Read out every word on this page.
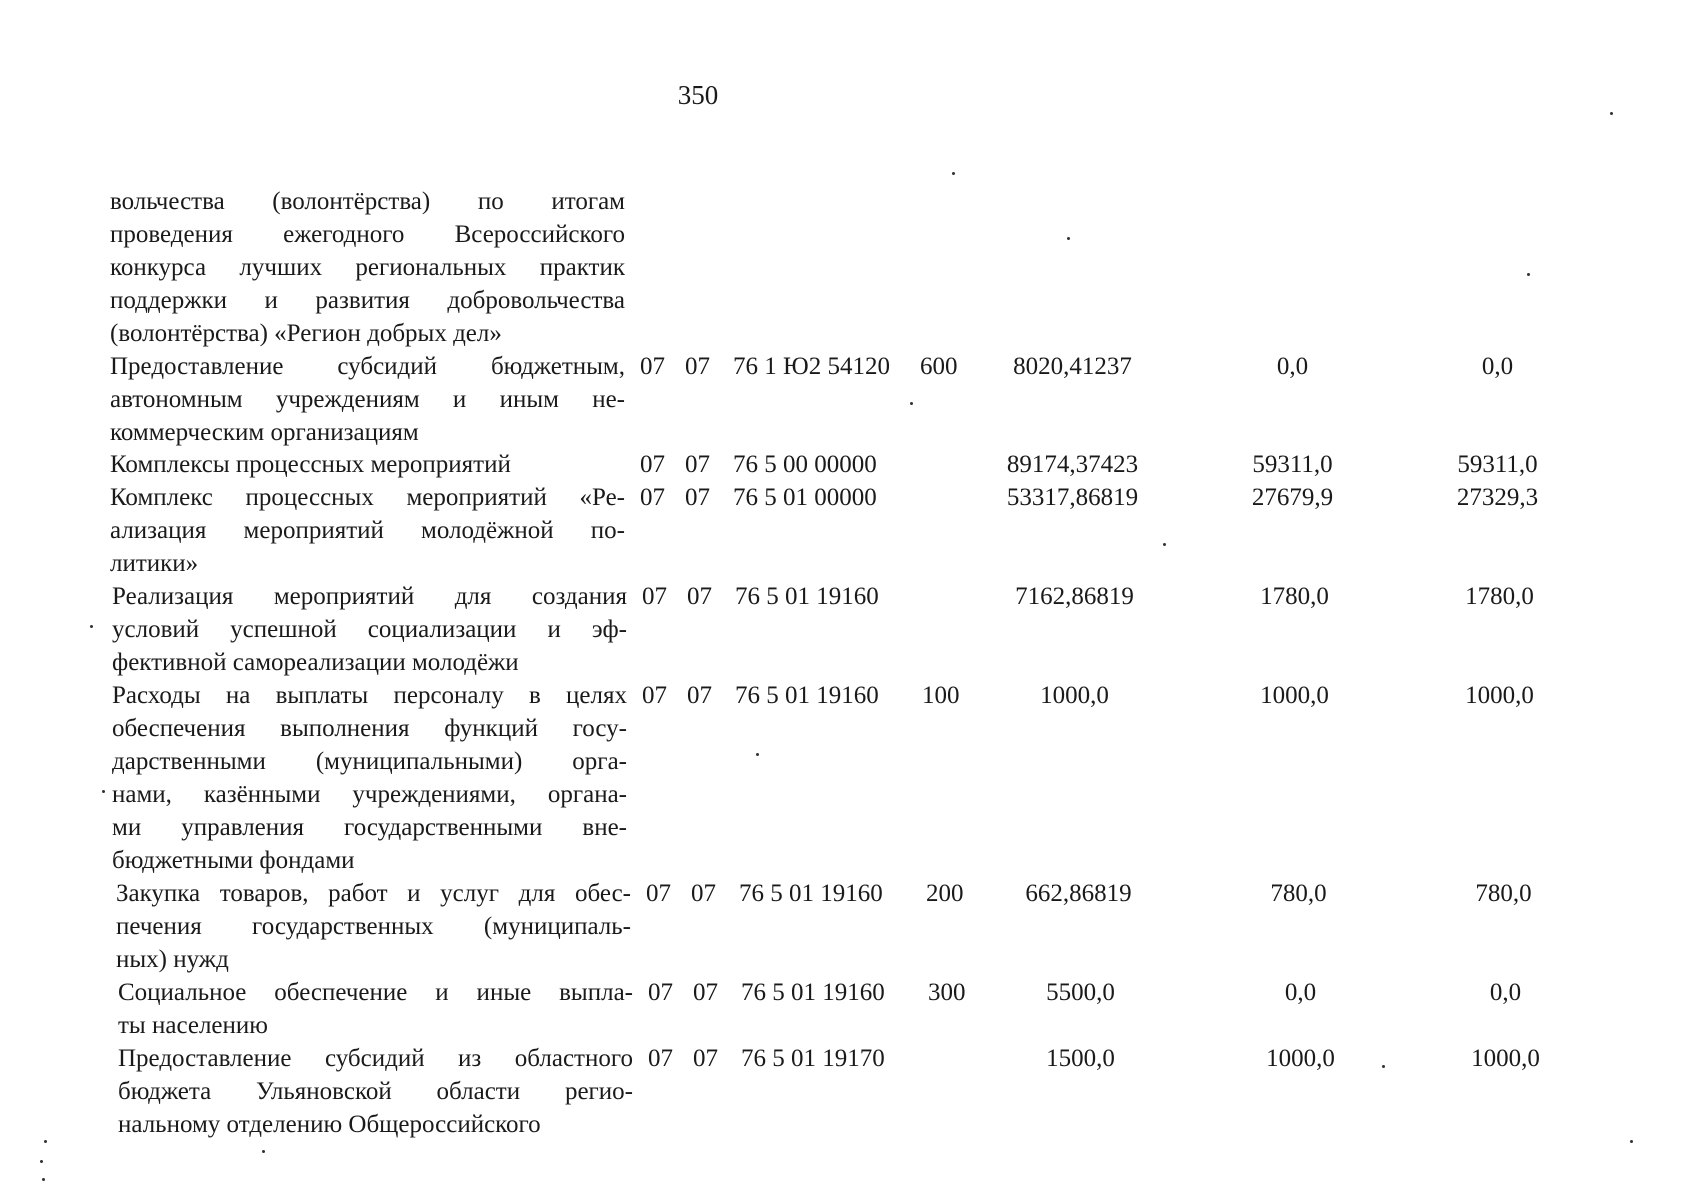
350
вольчества (волонтёрства) по итогам
проведения ежегодного Всероссийского
конкурса лучших региональных практик
поддержки и развития добровольчества
(волонтёрства) «Регион добрых дел»
Предоставление субсидий бюджетным,
автономным учреждениям и иным не-
коммерческим организациям
07 07 76 1 Ю2 54120 600	8020,41237	0,0	0,0
Комплексы процессных мероприятий	07 07 76 5 00 00000	89174,37423	59311,0	59311,0
Комплекс процессных мероприятий «Ре-
ализация мероприятий молодёжной по-
литики»
07 07 76 5 01 00000	53317,86819	27679,9	27329,3
Реализация мероприятий для создания
условий успешной социализации и эф-
фективной самореализации молодёжи
07 07 76 5 01 19160	7162,86819	1780,0	1780,0
Расходы на выплаты персоналу в целях
обеспечения выполнения функций госу-
дарственными (муниципальными) орга-
нами, казёнными учреждениями, органа-
ми управления государственными вне-
бюджетными фондами
07 07 76 5 01 19160 100	1000,0	1000,0	1000,0
Закупка товаров, работ и услуг для обес-
печения государственных (муниципаль-
ных) нужд
07 07 76 5 01 19160 200	662,86819	780,0	780,0
Социальное обеспечение и иные выпла-
ты населению
07 07 76 5 01 19160 300	5500,0	0,0	0,0
Предоставление субсидий из областного
бюджета Ульяновской области регио-
нальному отделению Общероссийского
07 07 76 5 01 19170	1500,0	1000,0	1000,0
